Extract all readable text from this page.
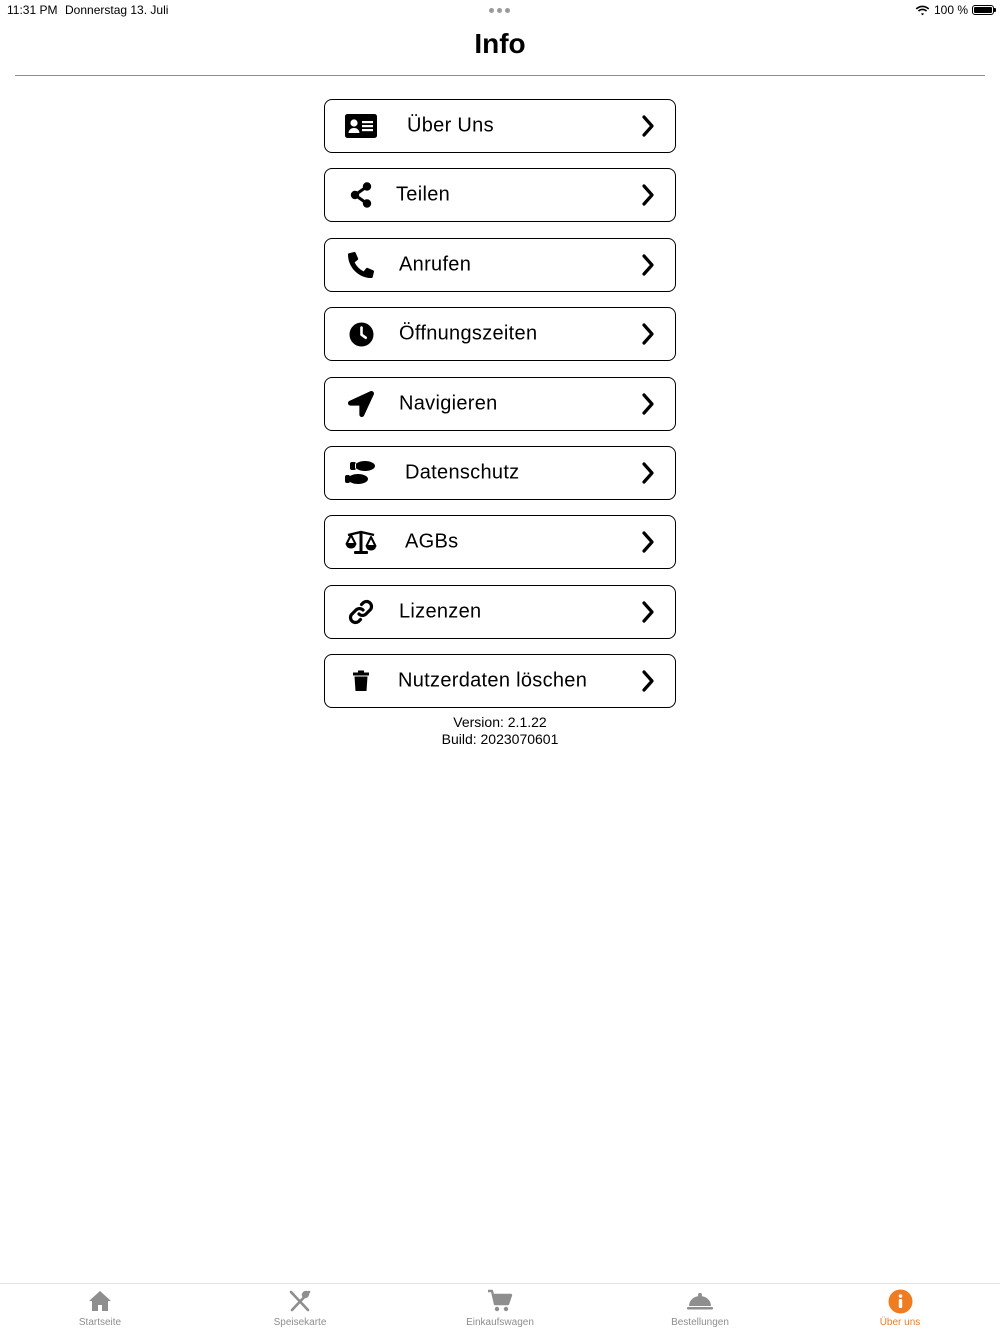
11:31 PM Donnerstag 13. Juli	100 %
Info
Über Uns
Teilen
Anrufen
Öffnungszeiten
Navigieren
Datenschutz
AGBs
Lizenzen
Nutzerdaten löschen
Version: 2.1.22
Build: 2023070601
Startseite	Speisekarte	Einkaufswagen	Bestellungen	Über uns
